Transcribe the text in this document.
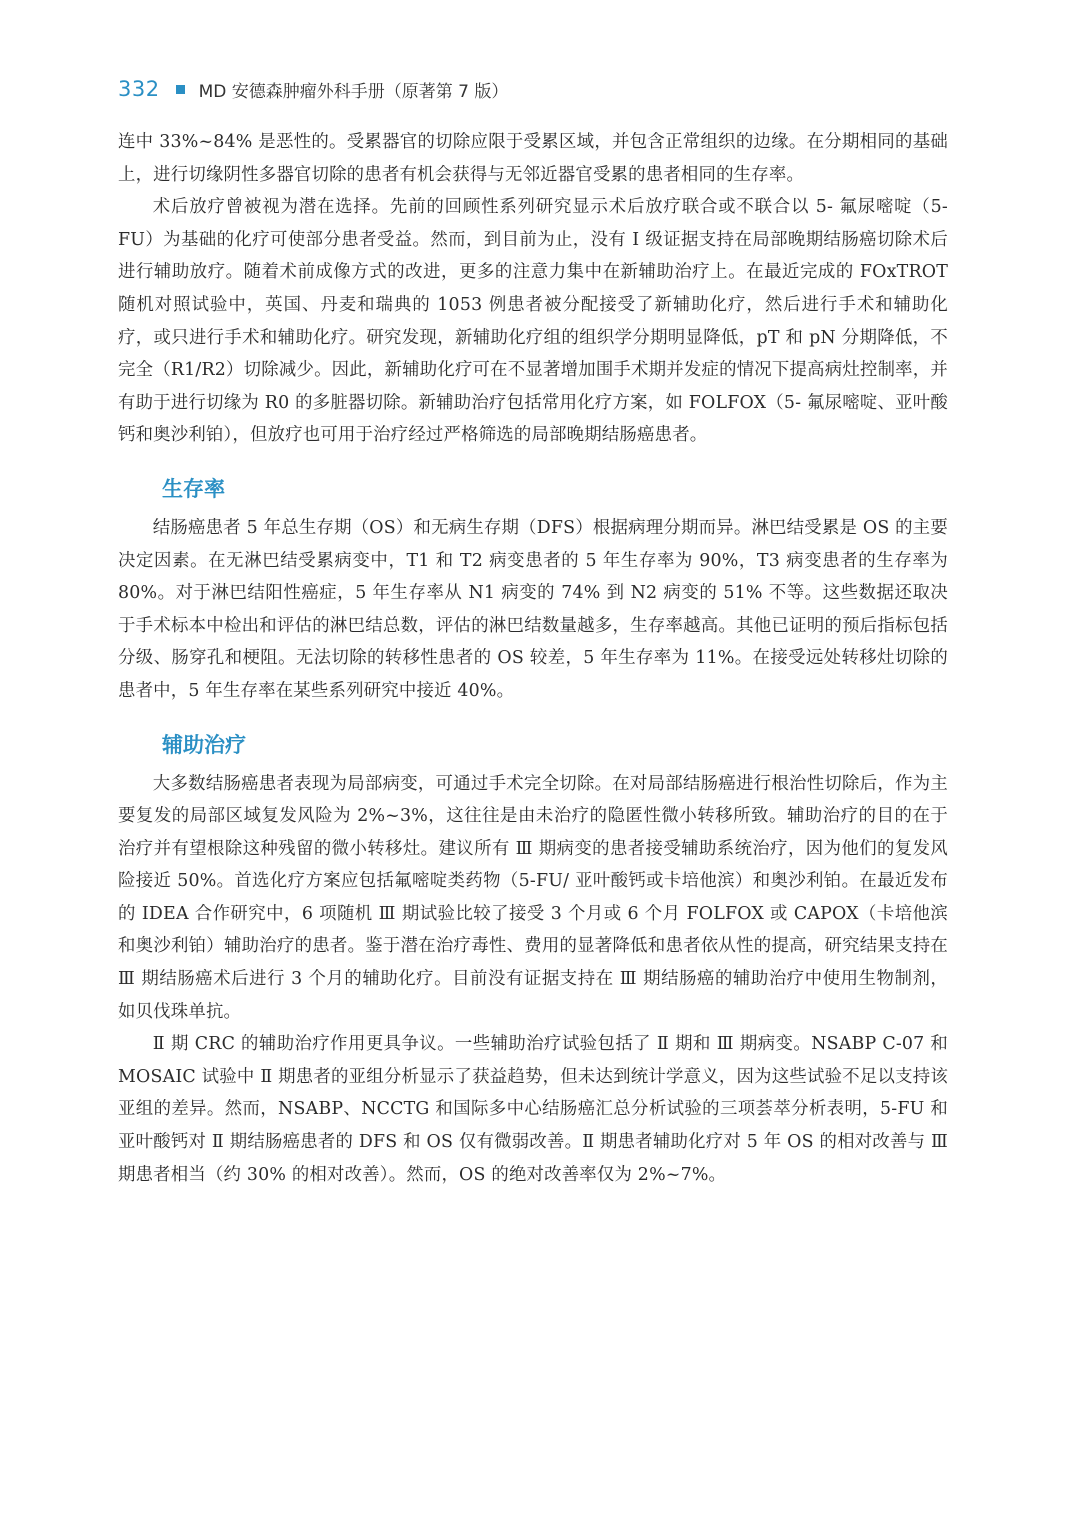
332 MD 安德森肿瘤外科手册（原著第 7 版）

连中 33%~84% 是恶性的。受累器官的切除应限于受累区域，并包含正常组织的边缘。在分期相同的基础上，进行切缘阴性多器官切除的患者有机会获得与无邻近器官受累的患者相同的生存率。

术后放疗曾被视为潜在选择。先前的回顾性系列研究显示术后放疗联合或不联合以 5- 氟尿嘧啶（5-FU）为基础的化疗可使部分患者受益。然而，到目前为止，没有 Ⅰ 级证据支持在局部晚期结肠癌切除术后进行辅助放疗。随着术前成像方式的改进，更多的注意力集中在新辅助治疗上。在最近完成的 FOxTROT 随机对照试验中，英国、丹麦和瑞典的 1053 例患者被分配接受了新辅助化疗，然后进行手术和辅助化疗，或只进行手术和辅助化疗。研究发现，新辅助化疗组的组织学分期明显降低，pT 和 pN 分期降低，不完全（R1/R2）切除减少。因此，新辅助化疗可在不显著增加围手术期并发症的情况下提高病灶控制率，并有助于进行切缘为 R0 的多脏器切除。新辅助治疗包括常用化疗方案，如 FOLFOX（5- 氟尿嘧啶、亚叶酸钙和奥沙利铂），但放疗也可用于治疗经过严格筛选的局部晚期结肠癌患者。

生存率

结肠癌患者 5 年总生存期（OS）和无病生存期（DFS）根据病理分期而异。淋巴结受累是 OS 的主要决定因素。在无淋巴结受累病变中，T1 和 T2 病变患者的 5 年生存率为 90%，T3 病变患者的生存率为 80%。对于淋巴结阳性癌症，5 年生存率从 N1 病变的 74% 到 N2 病变的 51% 不等。这些数据还取决于手术标本中检出和评估的淋巴结总数，评估的淋巴结数量越多，生存率越高。其他已证明的预后指标包括分级、肠穿孔和梗阻。无法切除的转移性患者的 OS 较差，5 年生存率为 11%。在接受远处转移灶切除的患者中，5 年生存率在某些系列研究中接近 40%。

辅助治疗

大多数结肠癌患者表现为局部病变，可通过手术完全切除。在对局部结肠癌进行根治性切除后，作为主要复发的局部区域复发风险为 2%~3%，这往往是由未治疗的隐匿性微小转移所致。辅助治疗的目的在于治疗并有望根除这种残留的微小转移灶。建议所有 Ⅲ 期病变的患者接受辅助系统治疗，因为他们的复发风险接近 50%。首选化疗方案应包括氟嘧啶类药物（5-FU/ 亚叶酸钙或卡培他滨）和奥沙利铂。在最近发布的 IDEA 合作研究中，6 项随机 Ⅲ 期试验比较了接受 3 个月或 6 个月 FOLFOX 或 CAPOX（卡培他滨和奥沙利铂）辅助治疗的患者。鉴于潜在治疗毒性、费用的显著降低和患者依从性的提高，研究结果支持在 Ⅲ 期结肠癌术后进行 3 个月的辅助化疗。目前没有证据支持在 Ⅲ 期结肠癌的辅助治疗中使用生物制剂，如贝伐珠单抗。

Ⅱ 期 CRC 的辅助治疗作用更具争议。一些辅助治疗试验包括了 Ⅱ 期和 Ⅲ 期病变。NSABP C-07 和 MOSAIC 试验中 Ⅱ 期患者的亚组分析显示了获益趋势，但未达到统计学意义，因为这些试验不足以支持该亚组的差异。然而，NSABP、NCCTG 和国际多中心结肠癌汇总分析试验的三项荟萃分析表明，5-FU 和亚叶酸钙对 Ⅱ 期结肠癌患者的 DFS 和 OS 仅有微弱改善。Ⅱ 期患者辅助化疗对 5 年 OS 的相对改善与 Ⅲ 期患者相当（约 30% 的相对改善）。然而，OS 的绝对改善率仅为 2%~7%。
